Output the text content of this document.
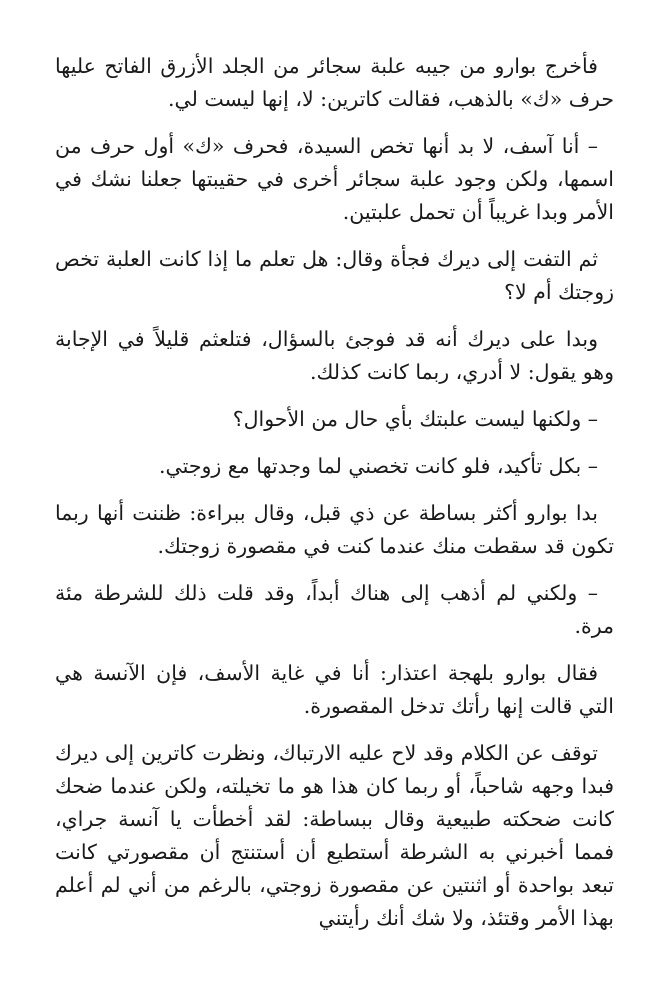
فأخرج بوارو من جيبه علبة سجائر من الجلد الأزرق الفاتح عليها حرف «ك» بالذهب، فقالت كاترين: لا، إنها ليست لي.

– أنا آسف، لا بد أنها تخص السيدة، فحرف «ك» أول حرف من اسمها، ولكن وجود علبة سجائر أخرى في حقيبتها جعلنا نشك في الأمر وبدا غريباً أن تحمل علبتين.

ثم التفت إلى ديرك فجأة وقال: هل تعلم ما إذا كانت العلبة تخص زوجتك أم لا؟

وبدا على ديرك أنه قد فوجئ بالسؤال، فتلعثم قليلاً في الإجابة وهو يقول: لا أدري، ربما كانت كذلك.

– ولكنها ليست علبتك بأي حال من الأحوال؟

– بكل تأكيد، فلو كانت تخصني لما وجدتها مع زوجتي.

بدا بوارو أكثر بساطة عن ذي قبل، وقال ببراءة: ظننت أنها ربما تكون قد سقطت منك عندما كنت في مقصورة زوجتك.

– ولكني لم أذهب إلى هناك أبداً، وقد قلت ذلك للشرطة مئة مرة.

فقال بوارو بلهجة اعتذار: أنا في غاية الأسف، فإن الآنسة هي التي قالت إنها رأتك تدخل المقصورة.

توقف عن الكلام وقد لاح عليه الارتباك، ونظرت كاترين إلى ديرك فبدا وجهه شاحباً، أو ربما كان هذا هو ما تخيلته، ولكن عندما ضحك كانت ضحكته طبيعية وقال ببساطة: لقد أخطأت يا آنسة جراي، فمما أخبرني به الشرطة أستطيع أن أستنتج أن مقصورتي كانت تبعد بواحدة أو اثنتين عن مقصورة زوجتي، بالرغم من أني لم أعلم بهذا الأمر وقتئذ، ولا شك أنك رأيتني
